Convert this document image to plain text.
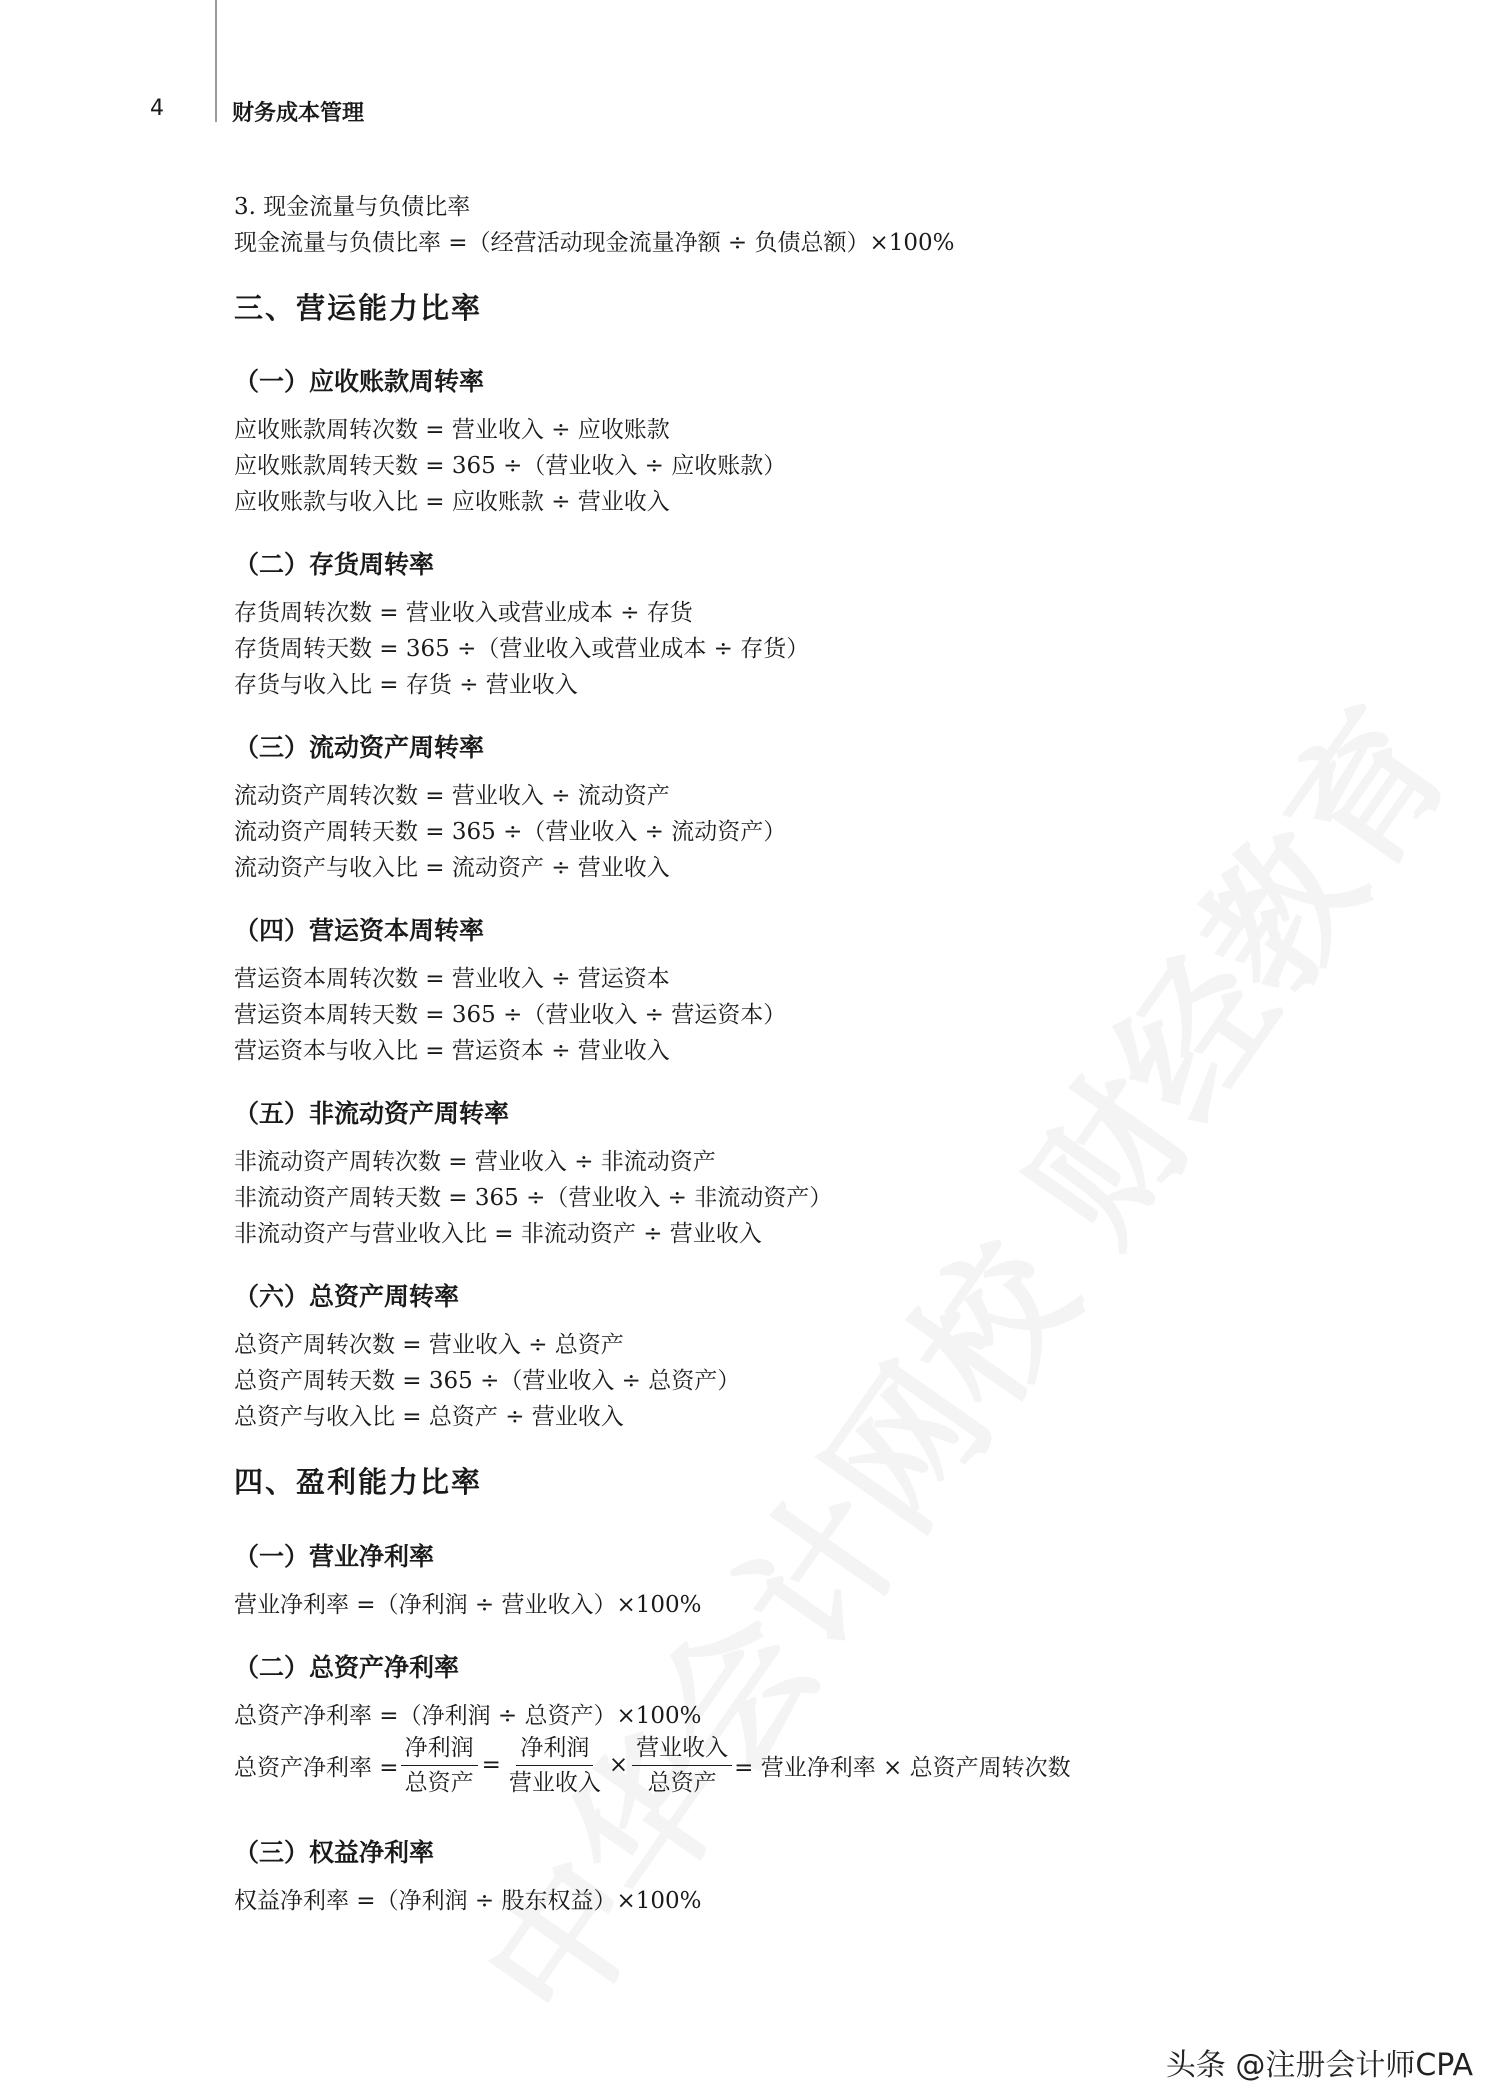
4	财务成本管理
3. 现金流量与负债比率
现金流量与负债比率 =（经营活动现金流量净额 ÷ 负债总额）×100%
三、营运能力比率
（一）应收账款周转率
应收账款周转次数 = 营业收入 ÷ 应收账款
应收账款周转天数 = 365 ÷（营业收入 ÷ 应收账款）
应收账款与收入比 = 应收账款 ÷ 营业收入
（二）存货周转率
存货周转次数 = 营业收入或营业成本 ÷ 存货
存货周转天数 = 365 ÷（营业收入或营业成本 ÷ 存货）
存货与收入比 = 存货 ÷ 营业收入
（三）流动资产周转率
流动资产周转次数 = 营业收入 ÷ 流动资产
流动资产周转天数 = 365 ÷（营业收入 ÷ 流动资产）
流动资产与收入比 = 流动资产 ÷ 营业收入
（四）营运资本周转率
营运资本周转次数 = 营业收入 ÷ 营运资本
营运资本周转天数 = 365 ÷（营业收入 ÷ 营运资本）
营运资本与收入比 = 营运资本 ÷ 营业收入
（五）非流动资产周转率
非流动资产周转次数 = 营业收入 ÷ 非流动资产
非流动资产周转天数 = 365 ÷（营业收入 ÷ 非流动资产）
非流动资产与营业收入比 = 非流动资产 ÷ 营业收入
（六）总资产周转率
总资产周转次数 = 营业收入 ÷ 总资产
总资产周转天数 = 365 ÷（营业收入 ÷ 总资产）
总资产与收入比 = 总资产 ÷ 营业收入
四、盈利能力比率
（一）营业净利率
营业净利率 =（净利润 ÷ 营业收入）×100%
（二）总资产净利率
总资产净利率 =（净利润 ÷ 总资产）×100%
总资产净利率 = $\frac{\text{净利润}}{\text{总资产}} = \frac{\text{净利润}}{\text{营业收入}} \times \frac{\text{营业收入}}{\text{总资产}}$ = 营业净利率 × 总资产周转次数
（三）权益净利率
权益净利率 =（净利润 ÷ 股东权益）×100%
头条 @注册会计师CPA
